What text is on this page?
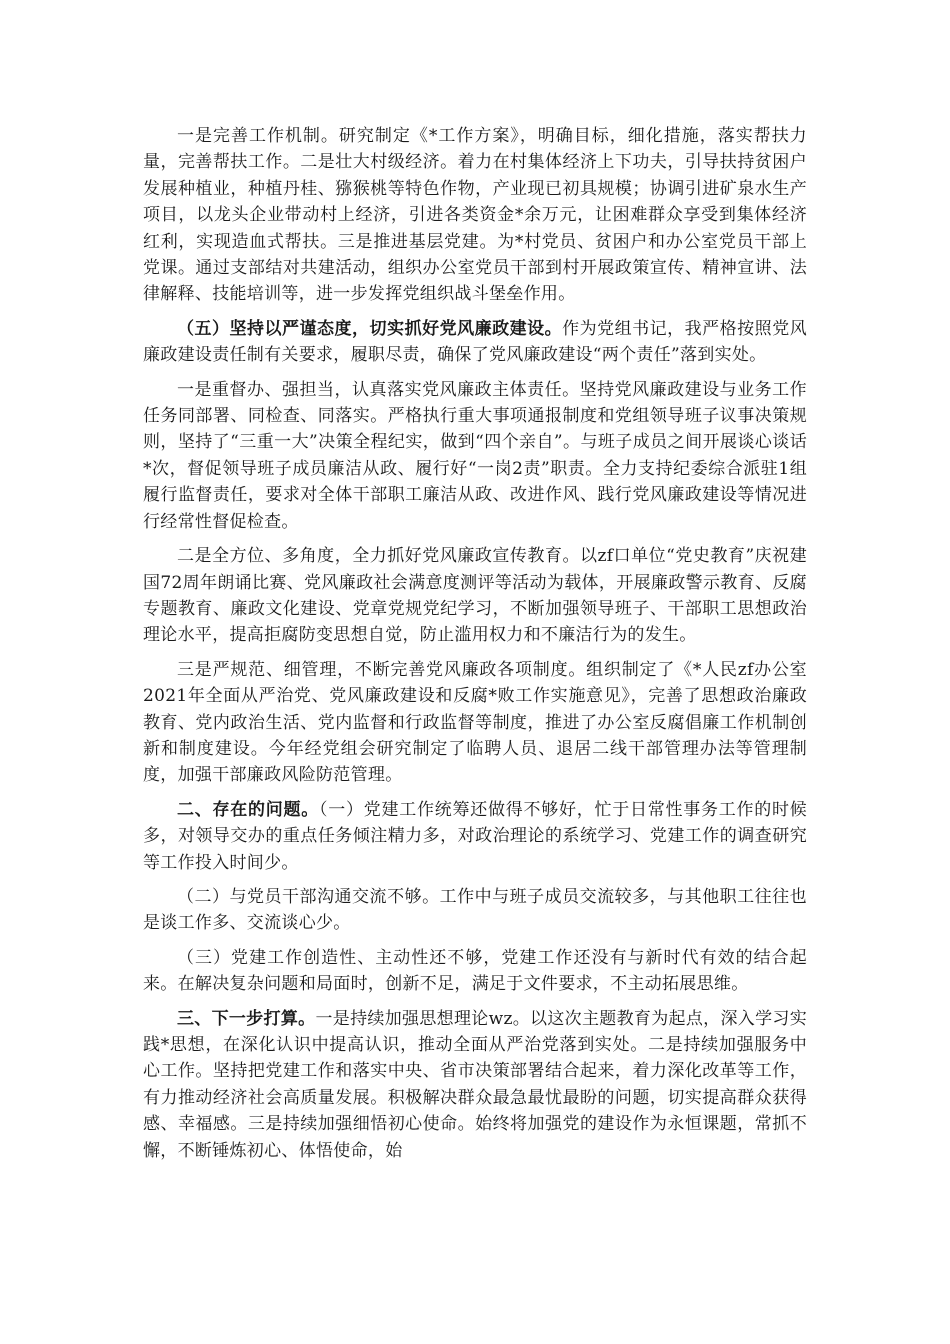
一是完善工作机制。研究制定《*工作方案》，明确目标，细化措施，落实帮扶力量，完善帮扶工作。二是壮大村级经济。着力在村集体经济上下功夫，引导扶持贫困户发展种植业，种植丹桂、猕猴桃等特色作物，产业现已初具规模；协调引进矿泉水生产项目，以龙头企业带动村上经济，引进各类资金*余万元，让困难群众享受到集体经济红利，实现造血式帮扶。三是推进基层党建。为*村党员、贫困户和办公室党员干部上党课。通过支部结对共建活动，组织办公室党员干部到村开展政策宣传、精神宣讲、法律解释、技能培训等，进一步发挥党组织战斗堡垒作用。

（五）坚持以严谨态度，切实抓好党风廉政建设。作为党组书记，我严格按照党风廉政建设责任制有关要求，履职尽责，确保了党风廉政建设“两个责任”落到实处。

一是重督办、强担当，认真落实党风廉政主体责任。坚持党风廉政建设与业务工作任务同部署、同检查、同落实。严格执行重大事项通报制度和党组领导班子议事决策规则，坚持了“三重一大”决策全程纪实，做到“四个亲自”。与班子成员之间开展谈心谈话*次，督促领导班子成员廉洁从政、履行好“一岗2责”职责。全力支持纪委综合派驻1组履行监督责任，要求对全体干部职工廉洁从政、改进作风、践行党风廉政建设等情况进行经常性督促检查。

二是全方位、多角度，全力抓好党风廉政宣传教育。以zf口单位“党史教育”庆祝建国72周年朗诵比赛、党风廉政社会满意度测评等活动为载体，开展廉政警示教育、反腐专题教育、廉政文化建设、党章党规党纪学习，不断加强领导班子、干部职工思想政治理论水平，提高拒腐防变思想自觉，防止滥用权力和不廉洁行为的发生。

三是严规范、细管理，不断完善党风廉政各项制度。组织制定了《*人民zf办公室2021年全面从严治党、党风廉政建设和反腐*败工作实施意见》，完善了思想政治廉政教育、党内政治生活、党内监督和行政监督等制度，推进了办公室反腐倡廉工作机制创新和制度建设。今年经党组会研究制定了临聘人员、退居二线干部管理办法等管理制度，加强干部廉政风险防范管理。

二、存在的问题。（一）党建工作统筹还做得不够好，忙于日常性事务工作的时候多，对领导交办的重点任务倾注精力多，对政治理论的系统学习、党建工作的调查研究等工作投入时间少。

（二）与党员干部沟通交流不够。工作中与班子成员交流较多，与其他职工往往也是谈工作多、交流谈心少。

（三）党建工作创造性、主动性还不够，党建工作还没有与新时代有效的结合起来。在解决复杂问题和局面时，创新不足，满足于文件要求，不主动拓展思维。

三、下一步打算。一是持续加强思想理论wz。以这次主题教育为起点，深入学习实践*思想，在深化认识中提高认识，推动全面从严治党落到实处。二是持续加强服务中心工作。坚持把党建工作和落实中央、省市决策部署结合起来，着力深化改革等工作，有力推动经济社会高质量发展。积极解决群众最急最忧最盼的问题，切实提高群众获得感、幸福感。三是持续加强细悟初心使命。始终将加强党的建设作为永恒课题，常抓不懈，不断锤炼初心、体悟使命，始
